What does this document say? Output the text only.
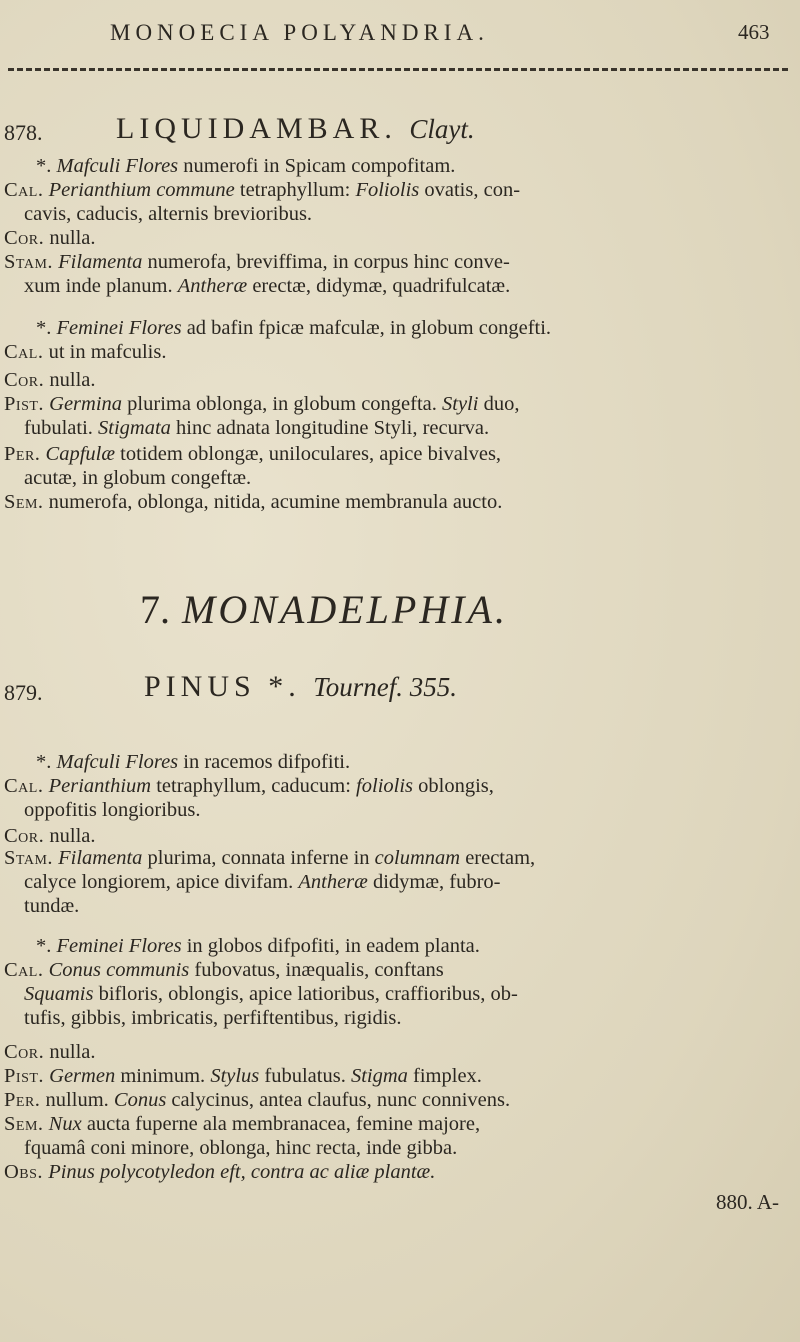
MONOECIA POLYANDRIA.	463
878. LIQUIDAMBAR. Clayt.
*. Mafculi Flores numerofi in Spicam compofitam.
Cal. Perianthium commune tetraphyllum: Foliolis ovatis, con-
cavis, caducis, alternis brevioribus.
Cor. nulla.
Stam. Filamenta numerofa, breviffima, in corpus hinc conve-
xum inde planum. Antheræ erectæ, didymæ, quadrifulcatæ.
*. Feminei Flores ad bafin fpicæ mafculæ, in globum congefti.
Cal. ut in mafculis.
Cor. nulla.
Pist. Germina plurima oblonga, in globum congefta. Styli duo,
fubulati. Stigmata hinc adnata longitudine Styli, recurva.
Per. Capfulæ totidem oblongæ, uniloculares, apice bivalves,
acutæ, in globum congeftæ.
Sem. numerofa, oblonga, nitida, acumine membranula aucto.
7. MONADELPHIA.
879.	PINUS *. Tournef. 355.
*. Mafculi Flores in racemos difpofiti.
Cal. Perianthium tetraphyllum, caducum: foliolis oblongis,
oppofitis longioribus.
Cor. nulla.
Stam. Filamenta plurima, connata inferne in columnam erectam,
calyce longiorem, apice divifam. Antheræ didymæ, fubro-
tundæ.
*. Feminei Flores in globos difpofiti, in eadem planta.
Cal. Conus communis fubovatus, inæqualis, conftans
Squamis bifloris, oblongis, apice latioribus, craffioribus, ob-
tufis, gibbis, imbricatis, perfiftentibus, rigidis.
Cor. nulla.
Pist. Germen minimum. Stylus fubulatus. Stigma fimplex.
Per. nullum. Conus calycinus, antea claufus, nunc connivens.
Sem. Nux aucta fuperne ala membranacea, femine majore,
fquamâ coni minore, oblonga, hinc recta, inde gibba.
Obs. Pinus polycotyledon eft, contra ac aliæ plantæ.
880. A-
